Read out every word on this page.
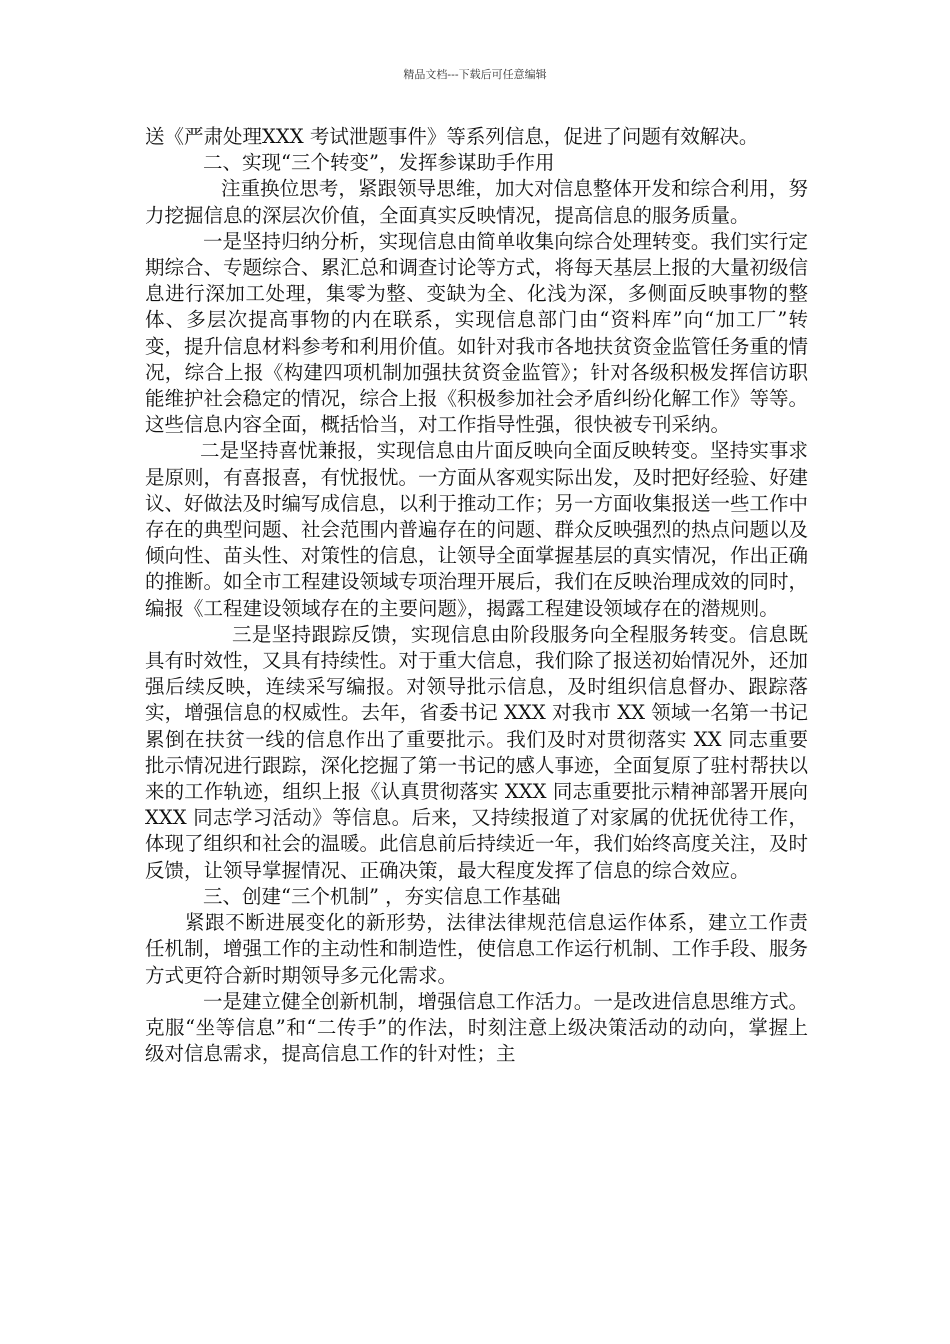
精品文档---下载后可任意编辑

送《严肃处理XXX 考试泄题事件》等系列信息，促进了问题有效解决。

二、实现“三个转变”，发挥参谋助手作用

注重换位思考，紧跟领导思维，加大对信息整体开发和综合利用，努力挖掘信息的深层次价值，全面真实反映情况，提高信息的服务质量。

一是坚持归纳分析，实现信息由简单收集向综合处理转变。我们实行定期综合、专题综合、累汇总和调查讨论等方式，将每天基层上报的大量初级信息进行深加工处理，集零为整、变缺为全、化浅为深，多侧面反映事物的整体、多层次提高事物的内在联系，实现信息部门由“资料库”向“加工厂”转变，提升信息材料参考和利用价值。如针对我市各地扶贫资金监管任务重的情况，综合上报《构建四项机制加强扶贫资金监管》；针对各级积极发挥信访职能维护社会稳定的情况，综合上报《积极参加社会矛盾纠纷化解工作》等等。这些信息内容全面，概括恰当，对工作指导性强，很快被专刊采纳。

二是坚持喜忧兼报，实现信息由片面反映向全面反映转变。坚持实事求是原则，有喜报喜，有忧报忧。一方面从客观实际出发，及时把好经验、好建议、好做法及时编写成信息，以利于推动工作；另一方面收集报送一些工作中存在的典型问题、社会范围内普遍存在的问题、群众反映强烈的热点问题以及倾向性、苗头性、对策性的信息，让领导全面掌握基层的真实情况，作出正确的推断。如全市工程建设领域专项治理开展后，我们在反映治理成效的同时，编报《工程建设领域存在的主要问题》，揭露工程建设领域存在的潜规则。

三是坚持跟踪反馈，实现信息由阶段服务向全程服务转变。信息既具有时效性，又具有持续性。对于重大信息，我们除了报送初始情况外，还加强后续反映，连续采写编报。对领导批示信息，及时组织信息督办、跟踪落实，增强信息的权威性。去年，省委书记 XXX 对我市 XX 领域一名第一书记累倒在扶贫一线的信息作出了重要批示。我们及时对贯彻落实 XX 同志重要批示情况进行跟踪，深化挖掘了第一书记的感人事迹，全面复原了驻村帮扶以来的工作轨迹，组织上报《认真贯彻落实 XXX 同志重要批示精神部署开展向XXX 同志学习活动》等信息。后来，又持续报道了对家属的优抚优待工作，体现了组织和社会的温暖。此信息前后持续近一年，我们始终高度关注，及时反馈，让领导掌握情况、正确决策，最大程度发挥了信息的综合效应。

三、创建“三个机制” ，夯实信息工作基础

紧跟不断进展变化的新形势，法律法律规范信息运作体系，建立工作责任机制，增强工作的主动性和制造性，使信息工作运行机制、工作手段、服务方式更符合新时期领导多元化需求。

一是建立健全创新机制，增强信息工作活力。一是改进信息思维方式。克服“坐等信息”和“二传手”的作法，时刻注意上级决策活动的动向，掌握上级对信息需求，提高信息工作的针对性；主
